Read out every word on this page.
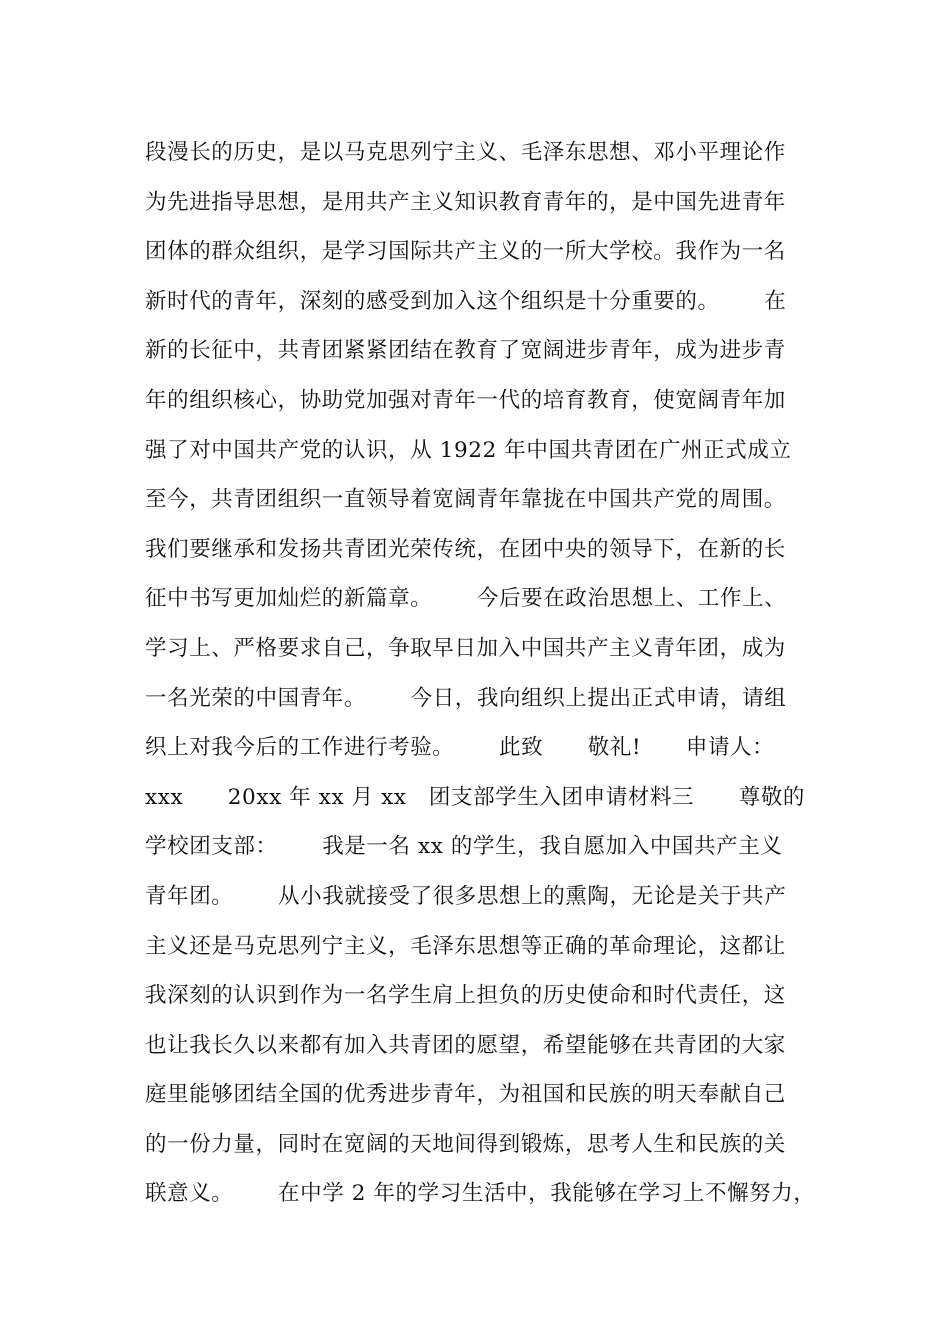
段漫长的历史，是以马克思列宁主义、毛泽东思想、邓小平理论作
为先进指导思想，是用共产主义知识教育青年的，是中国先进青年
团体的群众组织，是学习国际共产主义的一所大学校。我作为一名
新时代的青年，深刻的感受到加入这个组织是十分重要的。      在
新的长征中，共青团紧紧团结在教育了宽阔进步青年，成为进步青
年的组织核心，协助党加强对青年一代的培育教育，使宽阔青年加
强了对中国共产党的认识，从 1922 年中国共青团在广州正式成立
至今，共青团组织一直领导着宽阔青年靠拢在中国共产党的周围。
我们要继承和发扬共青团光荣传统，在团中央的领导下，在新的长
征中书写更加灿烂的新篇章。      今后要在政治思想上、工作上、
学习上、严格要求自己，争取早日加入中国共产主义青年团，成为
一名光荣的中国青年。      今日，我向组织上提出正式申请，请组
织上对我今后的工作进行考验。      此致      敬礼!      申请人：
xxx      20xx 年 xx 月 xx   团支部学生入团申请材料三      尊敬的
学校团支部：      我是一名 xx 的学生，我自愿加入中国共产主义
青年团。      从小我就接受了很多思想上的熏陶，无论是关于共产
主义还是马克思列宁主义，毛泽东思想等正确的革命理论，这都让
我深刻的认识到作为一名学生肩上担负的历史使命和时代责任，这
也让我长久以来都有加入共青团的愿望，希望能够在共青团的大家
庭里能够团结全国的优秀进步青年，为祖国和民族的明天奉献自己
的一份力量，同时在宽阔的天地间得到锻炼，思考人生和民族的关
联意义。      在中学 2 年的学习生活中，我能够在学习上不懈努力，
